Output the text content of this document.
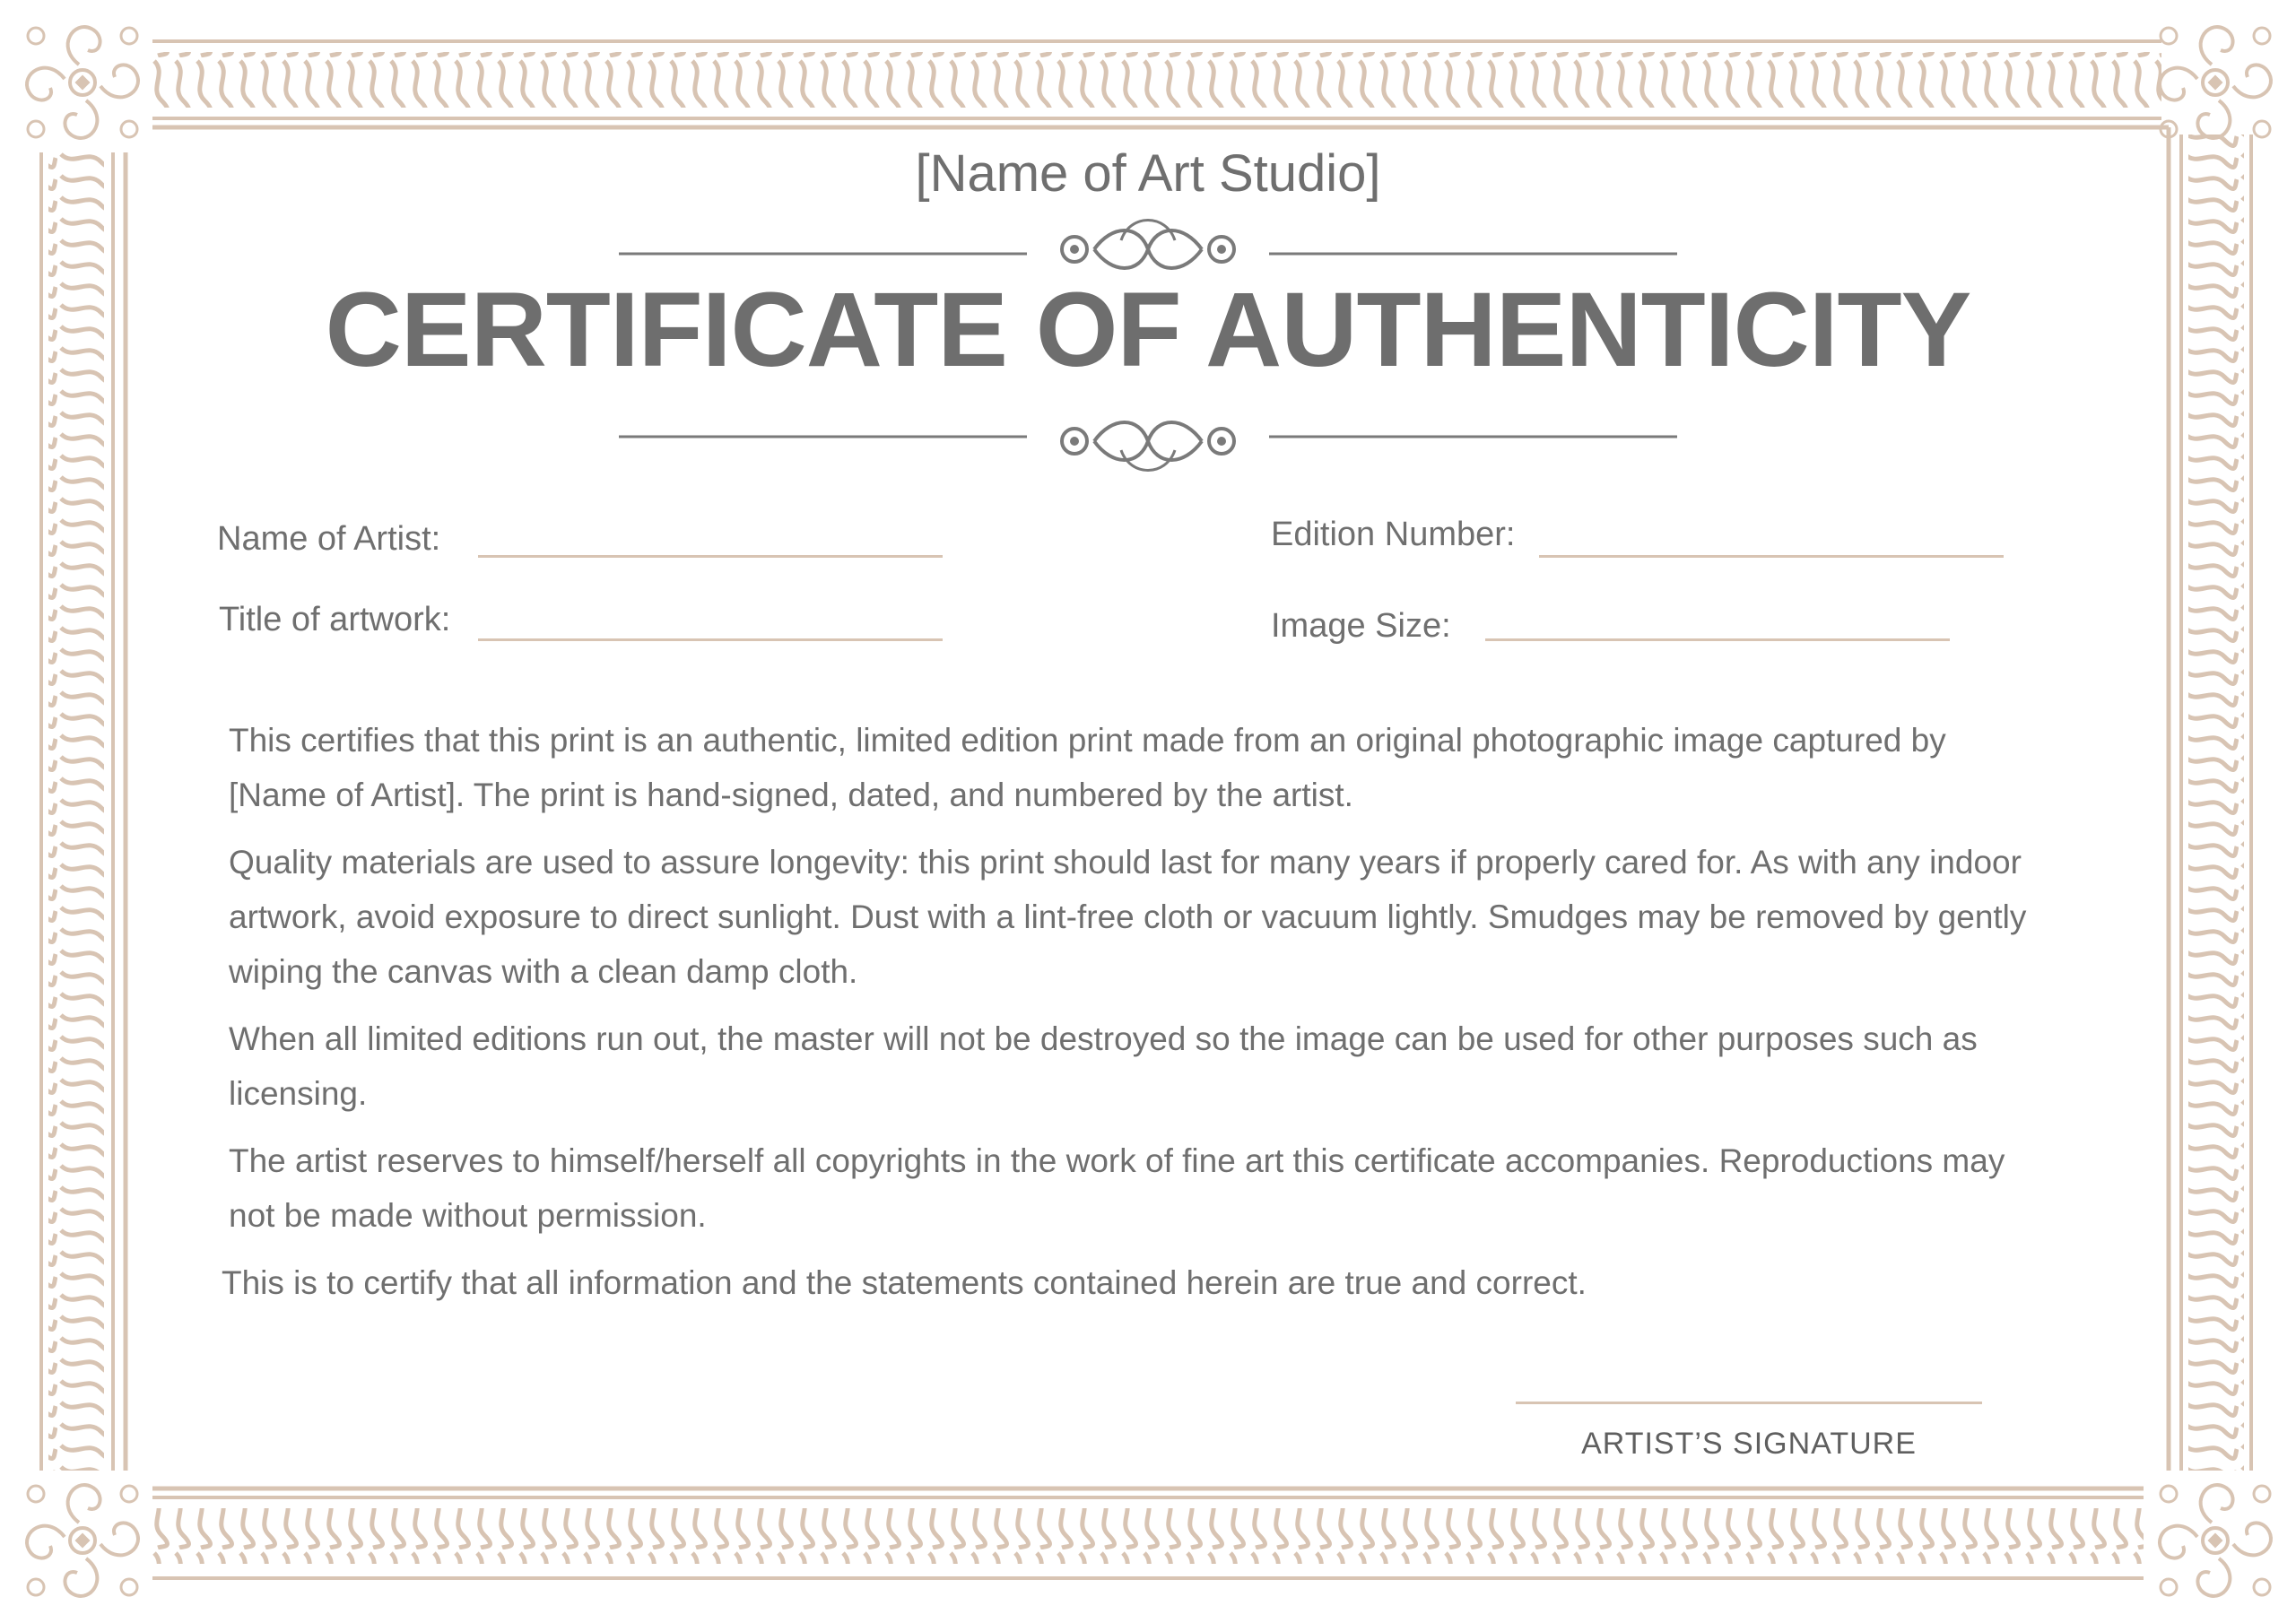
[Name of Art Studio]
CERTIFICATE OF AUTHENTICITY
Name of Artist:
Title of artwork:
Edition Number:
Image Size:

This certifies that this print is an authentic, limited edition print made from an original photographic image captured by [Name of Artist]. The print is hand-signed, dated, and numbered by the artist.

Quality materials are used to assure longevity: this print should last for many years if properly cared for. As with any indoor artwork, avoid exposure to direct sunlight. Dust with a lint-free cloth or vacuum lightly. Smudges may be removed by gently wiping the canvas with a clean damp cloth.

When all limited editions run out, the master will not be destroyed so the image can be used for other purposes such as licensing.

The artist reserves to himself/herself all copyrights in the work of fine art this certificate accompanies. Reproductions may not be made without permission.

This is to certify that all information and the statements contained herein are true and correct.

ARTIST’S SIGNATURE
